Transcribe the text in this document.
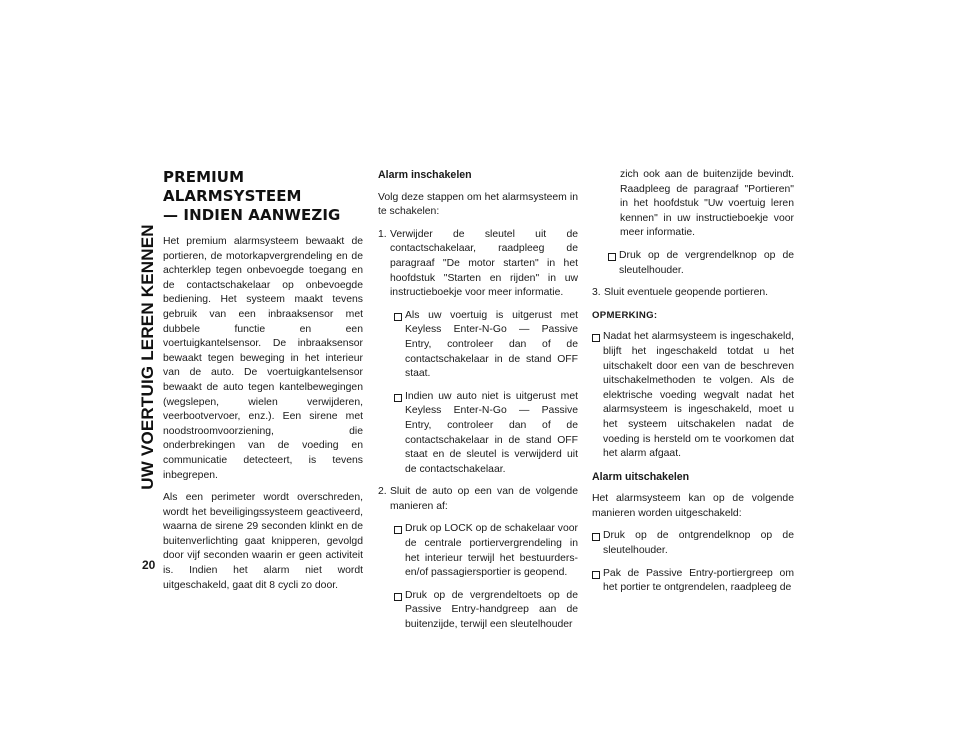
UW VOERTUIG LEREN KENNEN
20
PREMIUM ALARMSYSTEEM
— INDIEN AANWEZIG

Het premium alarmsysteem bewaakt de portieren, de motorkapvergrendeling en de achterklep tegen onbevoegde toegang en de contactschakelaar op onbevoegde bediening. Het systeem maakt tevens gebruik van een inbraaksensor met dubbele functie en een voertuigkantelsensor. De inbraaksensor bewaakt tegen beweging in het interieur van de auto. De voertuigkantelsensor bewaakt de auto tegen kantelbewegingen (wegslepen, wielen verwijderen, veerbootvervoer, enz.). Een sirene met noodstroomvoorziening, die onderbrekingen van de voeding en communicatie detecteert, is tevens inbegrepen.

Als een perimeter wordt overschreden, wordt het beveiligingssysteem geactiveerd, waarna de sirene 29 seconden klinkt en de buitenverlichting gaat knipperen, gevolgd door vijf seconden waarin er geen activiteit is. Indien het alarm niet wordt uitgeschakeld, gaat dit 8 cycli zo door.

Alarm inschakelen

Volg deze stappen om het alarmsysteem in te schakelen:

1. Verwijder de sleutel uit de contactschakelaar, raadpleeg de paragraaf "De motor starten" in het hoofdstuk "Starten en rijden" in uw instructieboekje voor meer informatie.
Als uw voertuig is uitgerust met Keyless Enter-N-Go — Passive Entry, controleer dan of de contactschakelaar in de stand OFF staat.
Indien uw auto niet is uitgerust met Keyless Enter-N-Go — Passive Entry, controleer dan of de contactschakelaar in de stand OFF staat en de sleutel is verwijderd uit de contactschakelaar.
2. Sluit de auto op een van de volgende manieren af:
Druk op LOCK op de schakelaar voor de centrale portiervergrendeling in het interieur terwijl het bestuurders- en/of passagiersportier is geopend.
Druk op de vergrendeltoets op de Passive Entry-handgreep aan de buitenzijde, terwijl een sleutelhouder

zich ook aan de buitenzijde bevindt. Raadpleeg de paragraaf "Portieren" in het hoofdstuk "Uw voertuig leren kennen" in uw instructieboekje voor meer informatie.

Druk op de vergrendelknop op de sleutelhouder.
3. Sluit eventuele geopende portieren.
OPMERKING:
Nadat het alarmsysteem is ingeschakeld, blijft het ingeschakeld totdat u het uitschakelt door een van de beschreven uitschakelmethoden te volgen. Als de elektrische voeding wegvalt nadat het alarmsysteem is ingeschakeld, moet u het systeem uitschakelen nadat de voeding is hersteld om te voorkomen dat het alarm afgaat.
Alarm uitschakelen

Het alarmsysteem kan op de volgende manieren worden uitgeschakeld:

Druk op de ontgrendelknop op de sleutelhouder.
Pak de Passive Entry-portiergreep om het portier te ontgrendelen, raadpleeg de
